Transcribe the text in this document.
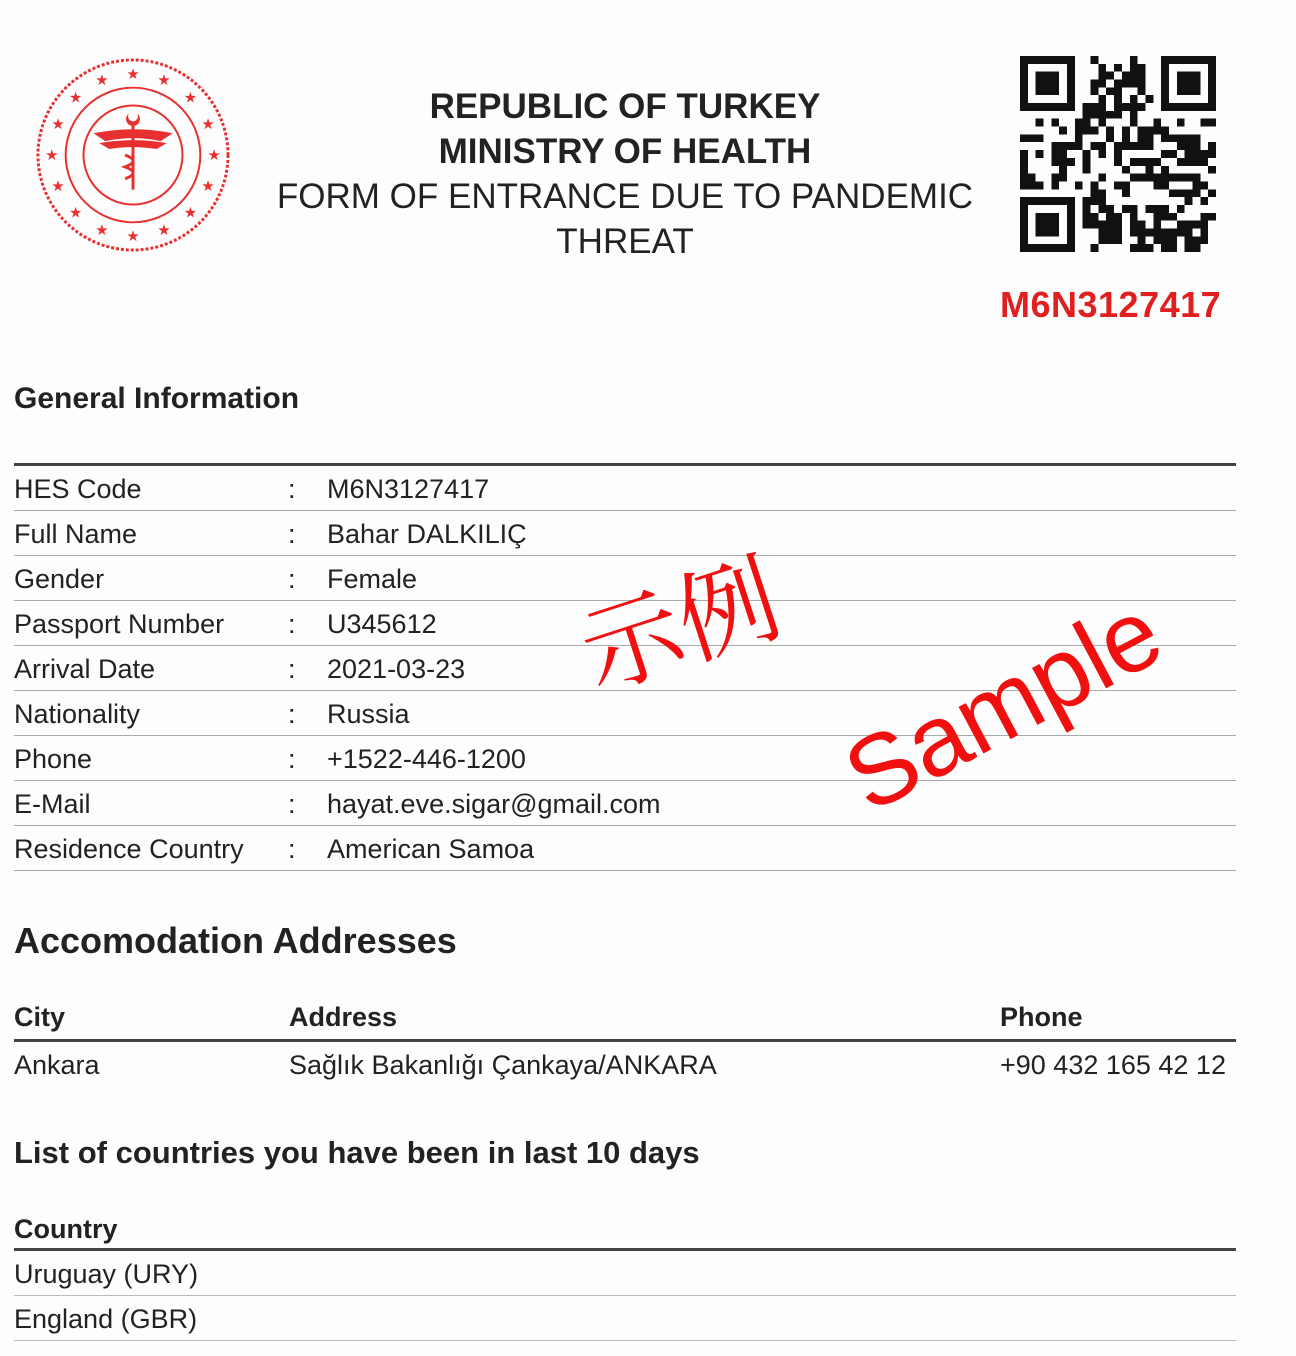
★ ★
★
★
★
★
★
★
★
★
★
★
★
★
★
★
REPUBLIC OF TURKEY
MINISTRY OF HEALTH
FORM OF ENTRANCE DUE TO PANDEMIC
THREAT
M6N3127417
General Information
HES Code	: M6N3127417
Full Name	: Bahar DALKILIÇ
Gender	: Female
Passport Number : U345612
Arrival Date	: 2021-03-23
Nationality	: Russia
Phone	: +1522-446-1200
E-Mail	: hayat.eve.sigar@gmail.com
Residence Country : American Samoa
Accomodation Addresses
City	Address	Phone
Ankara	Sağlık Bakanlığı Çankaya/ANKARA	+90 432 165 42 12
List of countries you have been in last 10 days
Country
Uruguay (URY)
England (GBR)
示例 Sample
